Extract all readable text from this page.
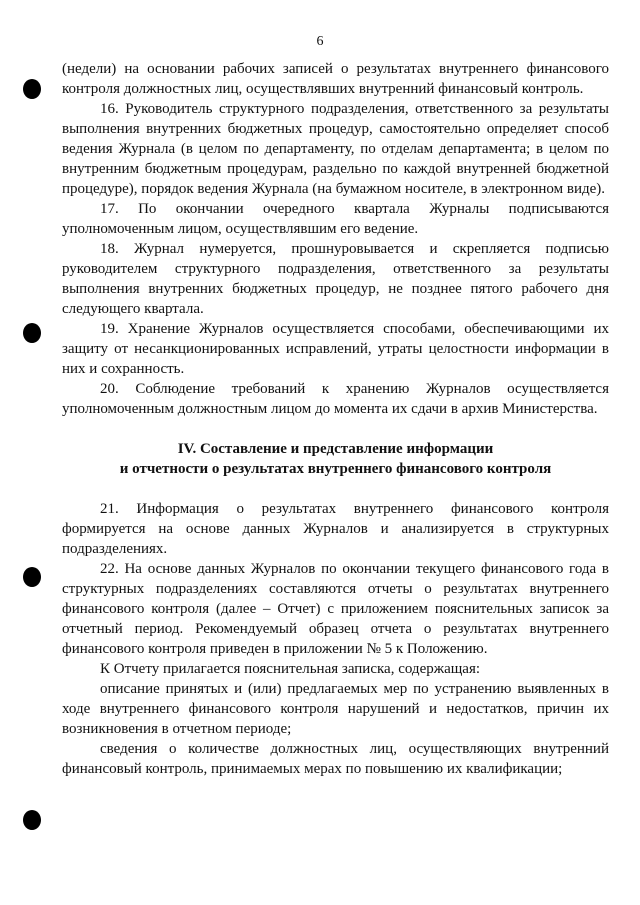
6

(недели) на основании рабочих записей о результатах внутреннего финансового контроля должностных лиц, осуществлявших внутренний финансовый контроль.

16. Руководитель структурного подразделения, ответственного за результаты выполнения внутренних бюджетных процедур, самостоятельно определяет способ ведения Журнала (в целом по департаменту, по отделам департамента; в целом по внутренним бюджетным процедурам, раздельно по каждой внутренней бюджетной процедуре), порядок ведения Журнала (на бумажном носителе, в электронном виде).

17. По окончании очередного квартала Журналы подписываются уполномоченным лицом, осуществлявшим его ведение.

18. Журнал нумеруется, прошнуровывается и скрепляется подписью руководителем структурного подразделения, ответственного за результаты выполнения внутренних бюджетных процедур, не позднее пятого рабочего дня следующего квартала.

19. Хранение Журналов осуществляется способами, обеспечивающими их защиту от несанкционированных исправлений, утраты целостности информации в них и сохранность.

20. Соблюдение требований к хранению Журналов осуществляется уполномоченным должностным лицом до момента их сдачи в архив Министерства.

IV. Составление и представление информации
и отчетности о результатах внутреннего финансового контроля

21. Информация о результатах внутреннего финансового контроля формируется на основе данных Журналов и анализируется в структурных подразделениях.

22. На основе данных Журналов по окончании текущего финансового года в структурных подразделениях составляются отчеты о результатах внутреннего финансового контроля (далее – Отчет) с приложением пояснительных записок за отчетный период. Рекомендуемый образец отчета о результатах внутреннего финансового контроля приведен в приложении № 5 к Положению.

К Отчету прилагается пояснительная записка, содержащая:

описание принятых и (или) предлагаемых мер по устранению выявленных в ходе внутреннего финансового контроля нарушений и недостатков, причин их возникновения в отчетном периоде;

сведения о количестве должностных лиц, осуществляющих внутренний финансовый контроль, принимаемых мерах по повышению их квалификации;
